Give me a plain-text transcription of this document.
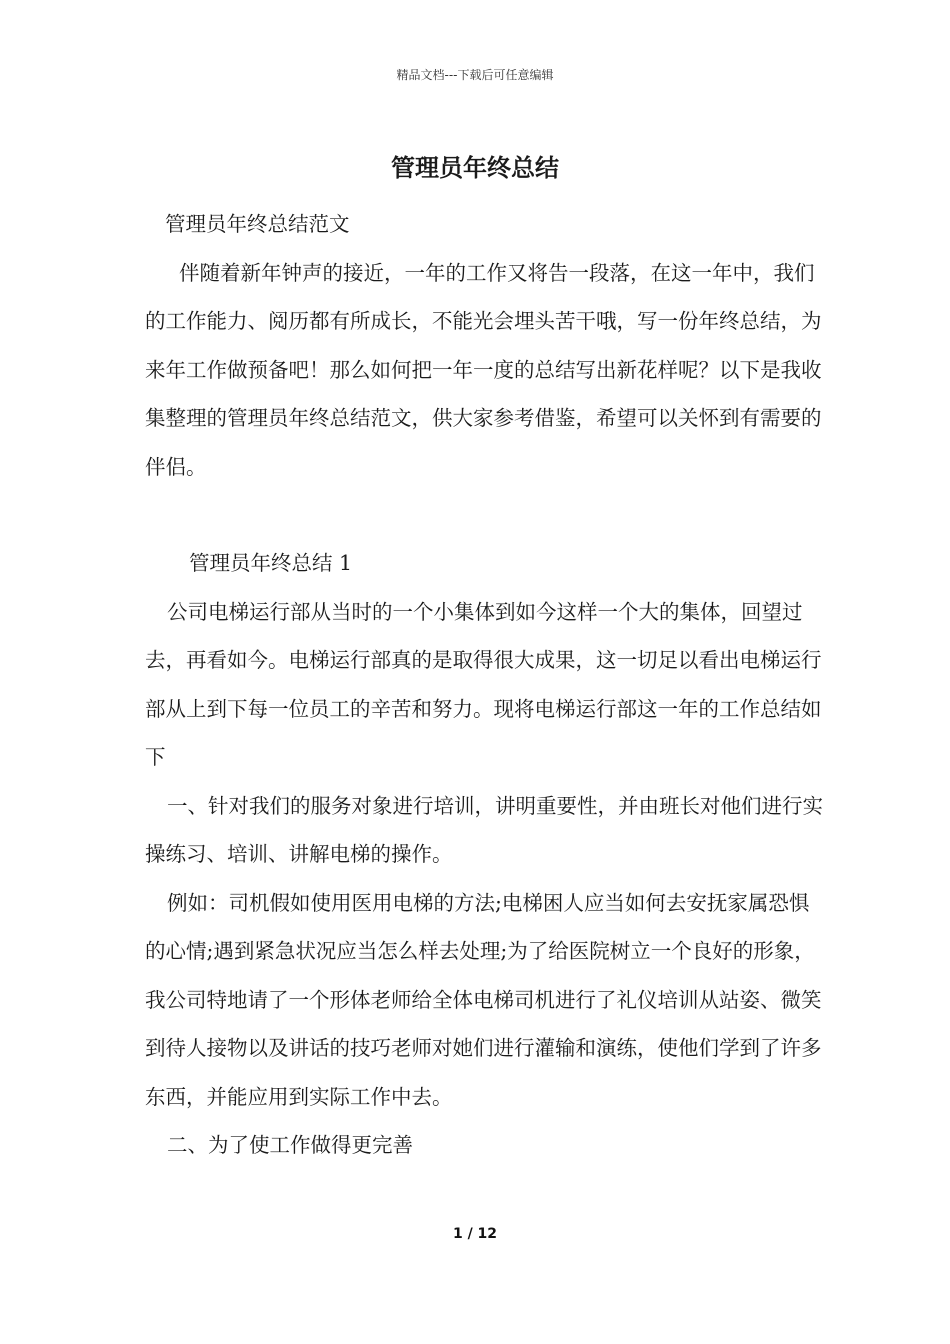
精品文档---下载后可任意编辑
管理员年终总结

管理员年终总结范文

伴随着新年钟声的接近，一年的工作又将告一段落，在这一年中，我们的工作能力、阅历都有所成长，不能光会埋头苦干哦，写一份年终总结，为来年工作做预备吧！那么如何把一年一度的总结写出新花样呢？以下是我收集整理的管理员年终总结范文，供大家参考借鉴，希望可以关怀到有需要的伴侣。

管理员年终总结 1

公司电梯运行部从当时的一个小集体到如今这样一个大的集体，回望过去，再看如今。电梯运行部真的是取得很大成果，这一切足以看出电梯运行部从上到下每一位员工的辛苦和努力。现将电梯运行部这一年的工作总结如下

一、针对我们的服务对象进行培训，讲明重要性，并由班长对他们进行实操练习、培训、讲解电梯的操作。

例如：司机假如使用医用电梯的方法;电梯困人应当如何去安抚家属恐惧的心情;遇到紧急状况应当怎么样去处理;为了给医院树立一个良好的形象，我公司特地请了一个形体老师给全体电梯司机进行了礼仪培训从站姿、微笑到待人接物以及讲话的技巧老师对她们进行灌输和演练，使他们学到了许多东西，并能应用到实际工作中去。

二、为了使工作做得更完善

1 / 12
